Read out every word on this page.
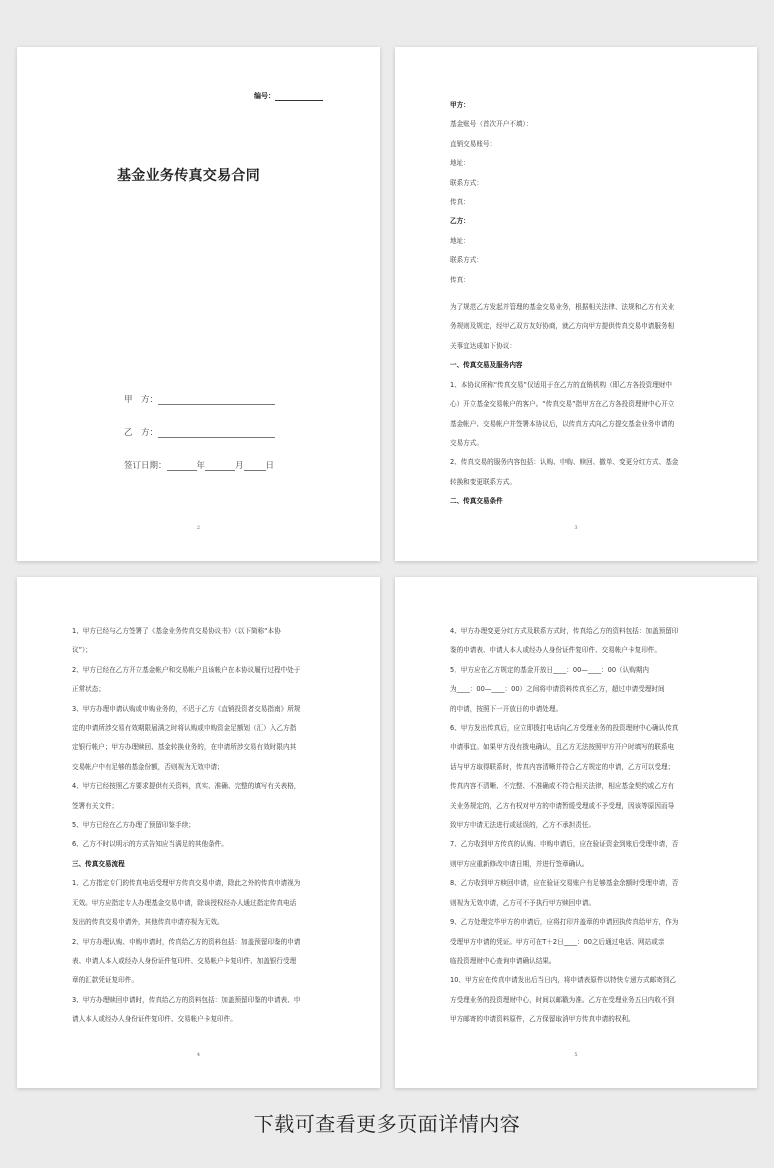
编号：
基金业务传真交易合同
甲　方：
乙　方：
签订日期：	年	月	日
2

甲方：

基金账号（首次开户不填）：

直销交易账号：

地址：

联系方式：

传真：

乙方：

地址：

联系方式：

传真：

为了规范乙方发起并管理的基金交易业务，根据相关法律、法规和乙方有关业

务规则及规定，经甲乙双方友好协商，就乙方向甲方提供传真交易申请服务相

关事宜达成如下协议：

一、传真交易及服务内容

1、本协议所称“传真交易”仅适用于在乙方的直销机构（即乙方各投资理财中

心）开立基金交易帐户的客户。“传真交易”指甲方在乙方各投资理财中心开立

基金帐户、交易帐户并签署本协议后，以传真方式向乙方提交基金业务申请的

交易方式。

2、传真交易的服务内容包括：认购、申购、赎回、撤单、变更分红方式、基金

转换和变更联系方式。

二、传真交易条件

3

1、甲方已经与乙方签署了《基金业务传真交易协议书》（以下简称“本协

议”）；

2、甲方已经在乙方开立基金帐户和交易帐户且该帐户在本协议履行过程中处于

正常状态；

3、甲方办理申请认购或申购业务的，不迟于乙方《直销投资者交易指南》所规

定的申请所涉交易有效期限届满之时将认购或申购资金足额划（汇）入乙方指

定银行帐户；甲方办理赎回、基金转换业务的，在申请所涉交易有效时限内其

交易帐户中有足够的基金份额，否则视为无效申请；

4、甲方已经按照乙方要求提供有关资料，真实、准确、完整的填写有关表格，

签署有关文件；

5、甲方已经在乙方办理了预留印鉴手续；

6、乙方不时以明示的方式告知应当满足的其他条件。

三、传真交易流程

1、乙方指定专门的传真电话受理甲方传真交易申请，除此之外的传真申请视为

无效。甲方应指定专人办理基金交易申请，除该授权经办人通过指定传真电话

发出的传真交易申请外，其他传真申请亦视为无效。

2、甲方办理认购、申购申请时，传真给乙方的资料包括：加盖预留印鉴的申请

表、申请人本人或经办人身份证件复印件、交易帐户卡复印件、加盖银行受理

章的汇款凭证复印件。

3、甲方办理赎回申请时，传真给乙方的资料包括：加盖预留印鉴的申请表、申

请人本人或经办人身份证件复印件、交易帐户卡复印件。

4

4、甲方办理变更分红方式及联系方式时，传真给乙方的资料包括：加盖预留印

鉴的申请表、申请人本人或经办人身份证件复印件、交易帐户卡复印件。

5．甲方应在乙方规定的基金开放日____：00—____：00（认购期内

为____：00—____：00）之间将申请资料传真至乙方，超过申请受理时间

的申请，按照下一开放日的申请处理。

6、甲方发出传真后，应立即拨打电话向乙方受理业务的投资理财中心确认传真

申请事宜。如果甲方没有拨电确认，且乙方无法按照甲方开户时填写的联系电

话与甲方取得联系时，传真内容清晰并符合乙方规定的申请，乙方可以受理；

传真内容不清晰、不完整、不准确或不符合相关法律，相应基金契约或乙方有

关业务规定的，乙方有权对甲方的申请暂缓受理或不予受理，因该等原因而导

致甲方申请无法进行或延误的，乙方不承担责任。

7、乙方收到甲方传真的认购、申购申请后，应在验证资金到账后受理申请，否

则甲方应重新修改申请日期，并进行签章确认。

8、乙方收到甲方赎回申请，应在验证交易账户有足够基金余额时受理申请，否

则视为无效申请，乙方可不予执行甲方赎回申请。

9、乙方处理完毕甲方的申请后，应将打印并盖章的申请回执传真给甲方，作为

受理甲方申请的凭证。甲方可在T＋2日____：00之后通过电话、网站或亲

临投资理财中心查询申请确认结果。

10、甲方应在传真申请发出后当日内，将申请表原件以特快专递方式邮寄到乙

方受理业务的投资理财中心，时间以邮戳为准。乙方在受理业务五日内收不到

甲方邮寄的申请资料原件，乙方保留取消甲方传真申请的权利。

5
下载可查看更多页面详情内容
